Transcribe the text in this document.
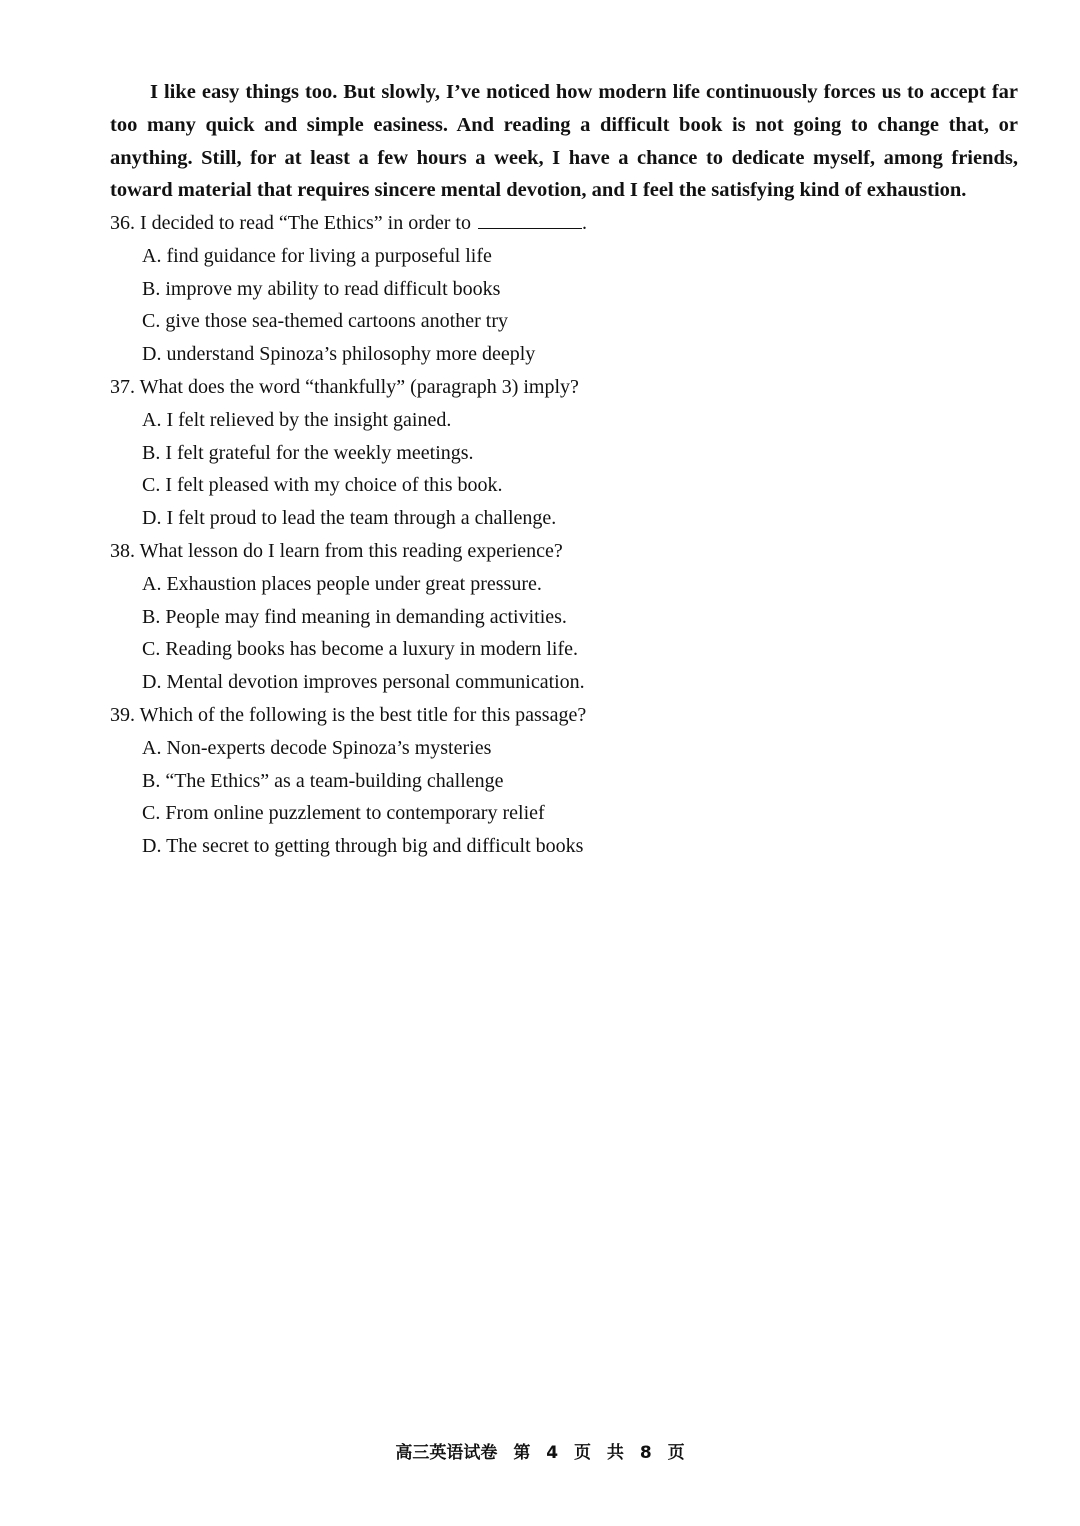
I like easy things too. But slowly, I’ve noticed how modern life continuously forces us to accept far too many quick and simple easiness. And reading a difficult book is not going to change that, or anything. Still, for at least a few hours a week, I have a chance to dedicate myself, among friends, toward material that requires sincere mental devotion, and I feel the satisfying kind of exhaustion.

36. I decided to read “The Ethics” in order to	.

A. find guidance for living a purposeful life

B. improve my ability to read difficult books

C. give those sea-themed cartoons another try

D. understand Spinoza’s philosophy more deeply

37. What does the word “thankfully” (paragraph 3) imply?

A. I felt relieved by the insight gained.

B. I felt grateful for the weekly meetings.

C. I felt pleased with my choice of this book.

D. I felt proud to lead the team through a challenge.

38. What lesson do I learn from this reading experience?

A. Exhaustion places people under great pressure.

B. People may find meaning in demanding activities.

C. Reading books has become a luxury in modern life.

D. Mental devotion improves personal communication.

39. Which of the following is the best title for this passage?

A. Non-experts decode Spinoza’s mysteries

B. “The Ethics” as a team-building challenge

C. From online puzzlement to contemporary relief

D. The secret to getting through big and difficult books

高三英语试卷 第 4 页 共 8 页
